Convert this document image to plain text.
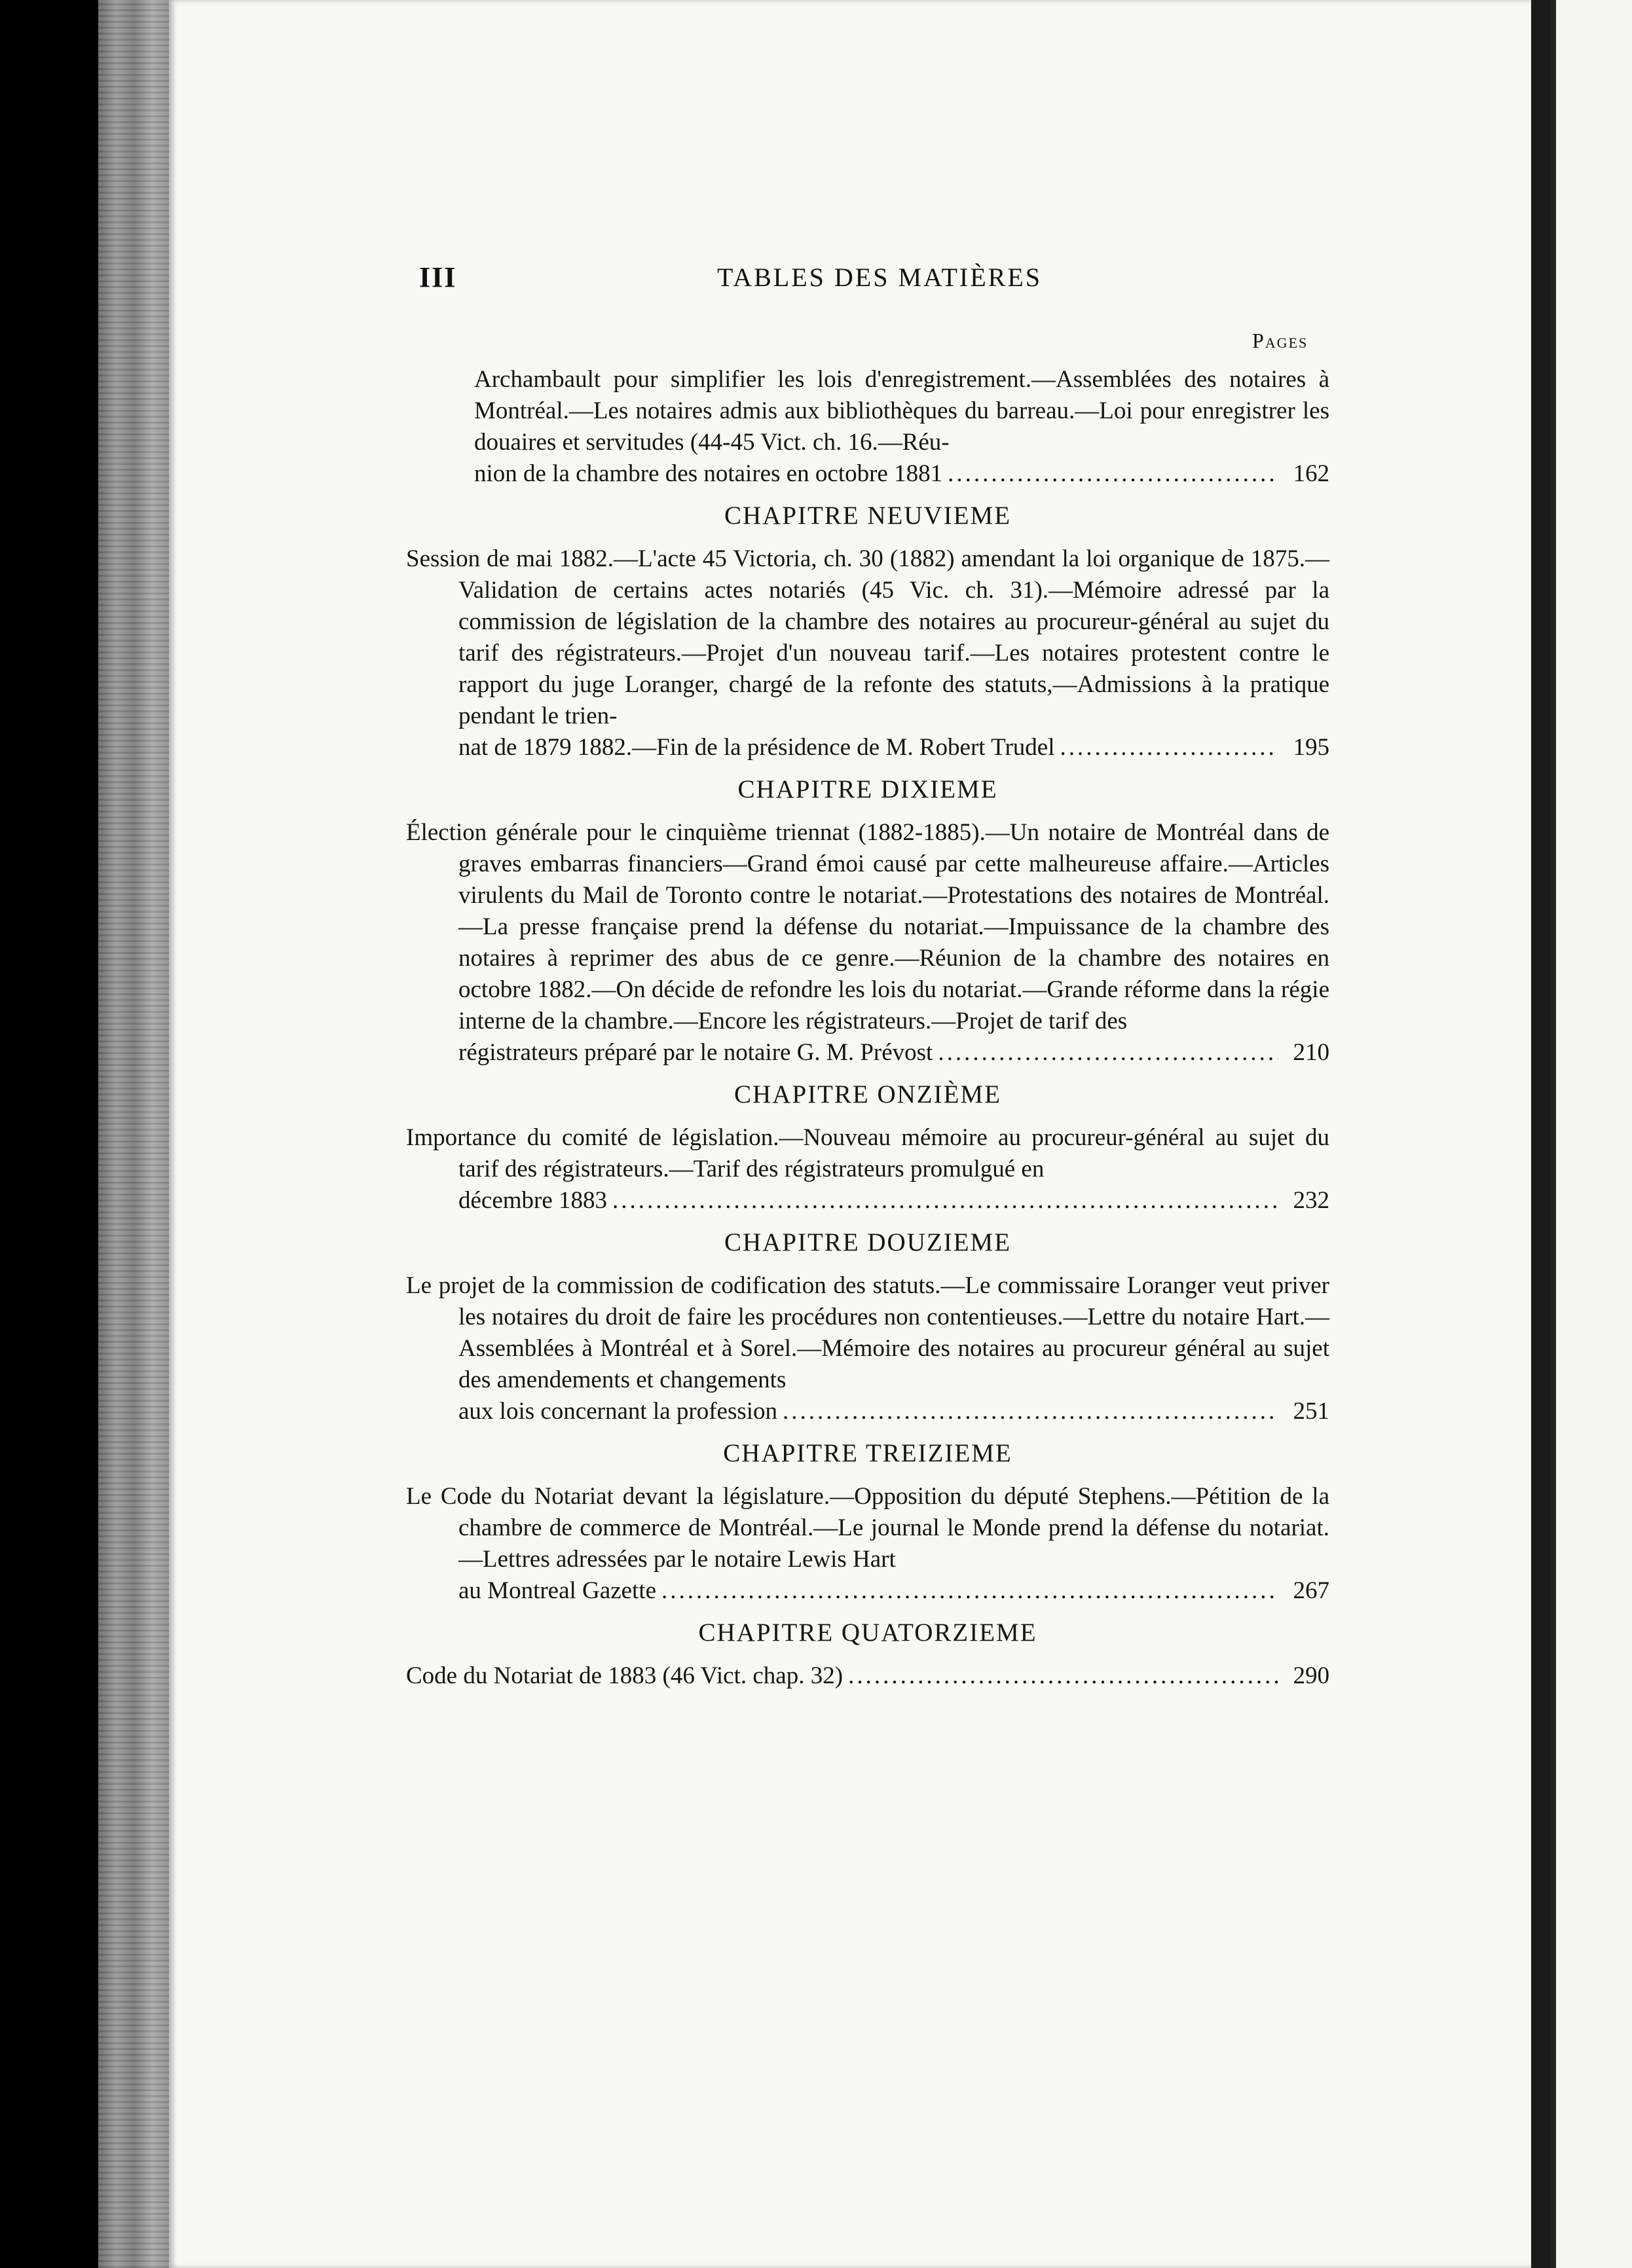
III	TABLES DES MATIÈRES
Pages

Archambault pour simplifier les lois d'enregistrement.—Assemblées des notaires à Montréal.—Les notaires admis aux bibliothèques du barreau.—Loi pour enregistrer les douaires et servitudes (44-45 Vict. ch. 16.—Réu-

nion de la chambre des notaires en octobre 1881 .....	162
CHAPITRE NEUVIEME

Session de mai 1882.—L'acte 45 Victoria, ch. 30 (1882) amendant la loi organique de 1875.—Validation de certains actes notariés (45 Vic. ch. 31).—Mémoire adressé par la commission de législation de la chambre des notaires au procureur-général au sujet du tarif des régistrateurs.—Projet d'un nouveau tarif.—Les notaires protestent contre le rapport du juge Loranger, chargé de la refonte des statuts,—Admissions à la pratique pendant le trien-

nat de 1879 1882.—Fin de la présidence de M. Robert Trudel .....	195
CHAPITRE DIXIEME

Élection générale pour le cinquième triennat (1882-1885).—Un notaire de Montréal dans de graves embarras financiers—Grand émoi causé par cette malheureuse affaire.—Articles virulents du Mail de Toronto contre le notariat.—Protestations des notaires de Montréal.—La presse française prend la défense du notariat.—Impuissance de la chambre des notaires à reprimer des abus de ce genre.—Réunion de la chambre des notaires en octobre 1882.—On décide de refondre les lois du notariat.—Grande réforme dans la régie interne de la chambre.—Encore les régistrateurs.—Projet de tarif des

régistrateurs préparé par le notaire G. M. Prévost .....	210
CHAPITRE ONZIÈME

Importance du comité de législation.—Nouveau mémoire au procureur-général au sujet du tarif des régistrateurs.—Tarif des régistrateurs promulgué en

décembre 1883 .....	232
CHAPITRE DOUZIEME

Le projet de la commission de codification des statuts.—Le commissaire Loranger veut priver les notaires du droit de faire les procédures non contentieuses.—Lettre du notaire Hart.—Assemblées à Montréal et à Sorel.—Mémoire des notaires au procureur général au sujet des amendements et changements

aux lois concernant la profession .....	251
CHAPITRE TREIZIEME

Le Code du Notariat devant la législature.—Opposition du député Stephens.—Pétition de la chambre de commerce de Montréal.—Le journal le Monde prend la défense du notariat.—Lettres adressées par le notaire Lewis Hart

au Montreal Gazette .....	267
CHAPITRE QUATORZIEME
Code du Notariat de 1883 (46 Vict. chap. 32) .....	290
